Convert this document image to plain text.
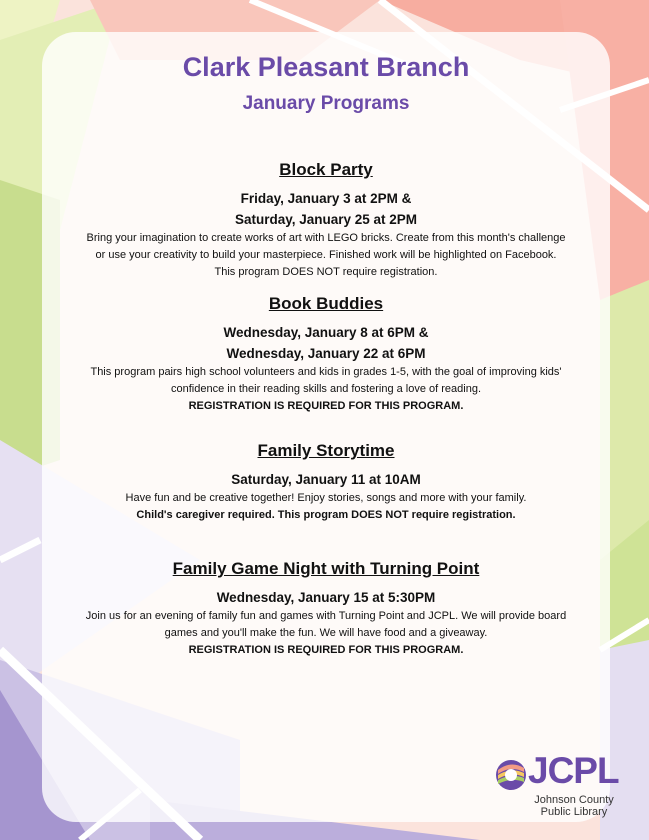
Clark Pleasant Branch
January Programs
Block Party
Friday, January 3 at 2PM &
Saturday, January 25 at 2PM
Bring your imagination to create works of art with LEGO bricks. Create from this month's challenge
or use your creativity to build your masterpiece. Finished work will be highlighted on Facebook.
This program DOES NOT require registration.
Book Buddies
Wednesday, January 8 at 6PM &
Wednesday, January 22 at 6PM
This program pairs high school volunteers and kids in grades 1-5, with the goal of improving kids'
confidence in their reading skills and fostering a love of reading.
REGISTRATION IS REQUIRED FOR THIS PROGRAM.
Family Storytime
Saturday, January 11 at 10AM
Have fun and be creative together! Enjoy stories, songs and more with your family.
Child's caregiver required. This program DOES NOT require registration.
Family Game Night with Turning Point
Wednesday, January 15 at 5:30PM
Join us for an evening of family fun and games with Turning Point and JCPL. We will provide board
games and you'll make the fun. We will have food and a giveaway.
REGISTRATION IS REQUIRED FOR THIS PROGRAM.
JCPL
Johnson County
Public Library
